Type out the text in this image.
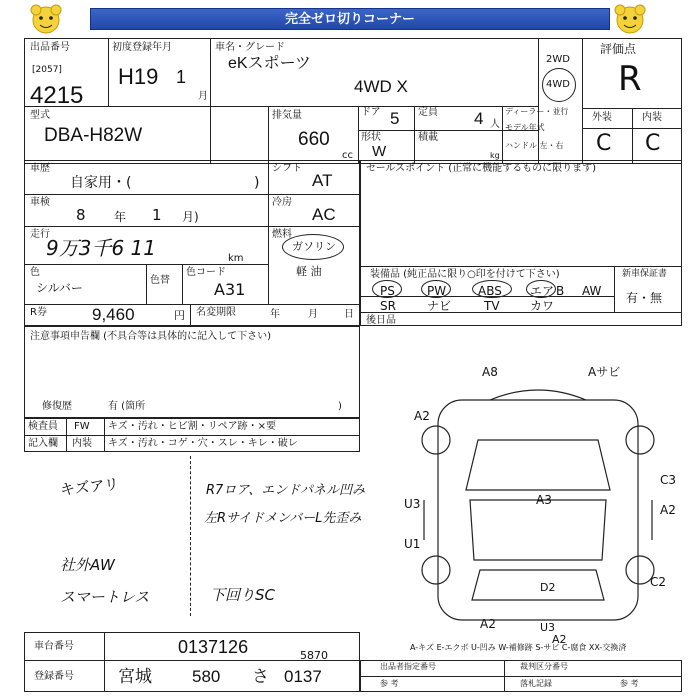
完全ゼロ切りコーナー
出品番号
[2057]
4215
初度登録年月
H19 1
月
車名・グレード
eKスポーツ
4WD X
2WD
4WD
評価点
R
型式
DBA-H82W
排気量
660
cc
ドア 5 定員 4 人
ディーラー・並行
モデル年式
ハンドル 左・右
形状
W
積載
kg
外装	内装
C C
車歴
自家用・(	)
シフト
AT
車検
8 年 1 月)
冷房
AC
走行
9万3千6 11	km
燃料
ガソリン
軽 油
色
シルバー
色替
色コード
A31
R券	9,460	円 名変期限	年	月	日
注意事項申告欄 (不具合等は具体的に記入して下さい)
修復歴	有 (箇所	)
セールスポイント (正常に機能するものに限ります)
装備品 (純正品に限り○印を付けて下さい)
PS	PW	ABS エア B AW
SR	ナビ	TV	カワ
新車保証書
有・無
後日品
検査員
記入欄
FW キズ・汚れ・ヒビ割・リペア跡・×要
内装 キズ・汚れ・コゲ・穴・スレ・キレ・破レ
キズアリ	R7ロア、エンドパネル凹み
左RサイドメンバーL先歪み
社外AW
スマートレス	下回りSC
A8	Aサビ
A2
A3
C3
A2
U3
U1
C2
A2
D2
U3
A2
A-キズ E-エクボ U-凹み W-補修跡 S-サビ C-腐食 XX-交換済
車台番号	0137126
登録番号	宮城 580 さ 0137
5870
出品者指定番号
参 考
裁判区分番号
落札記録	参 考
